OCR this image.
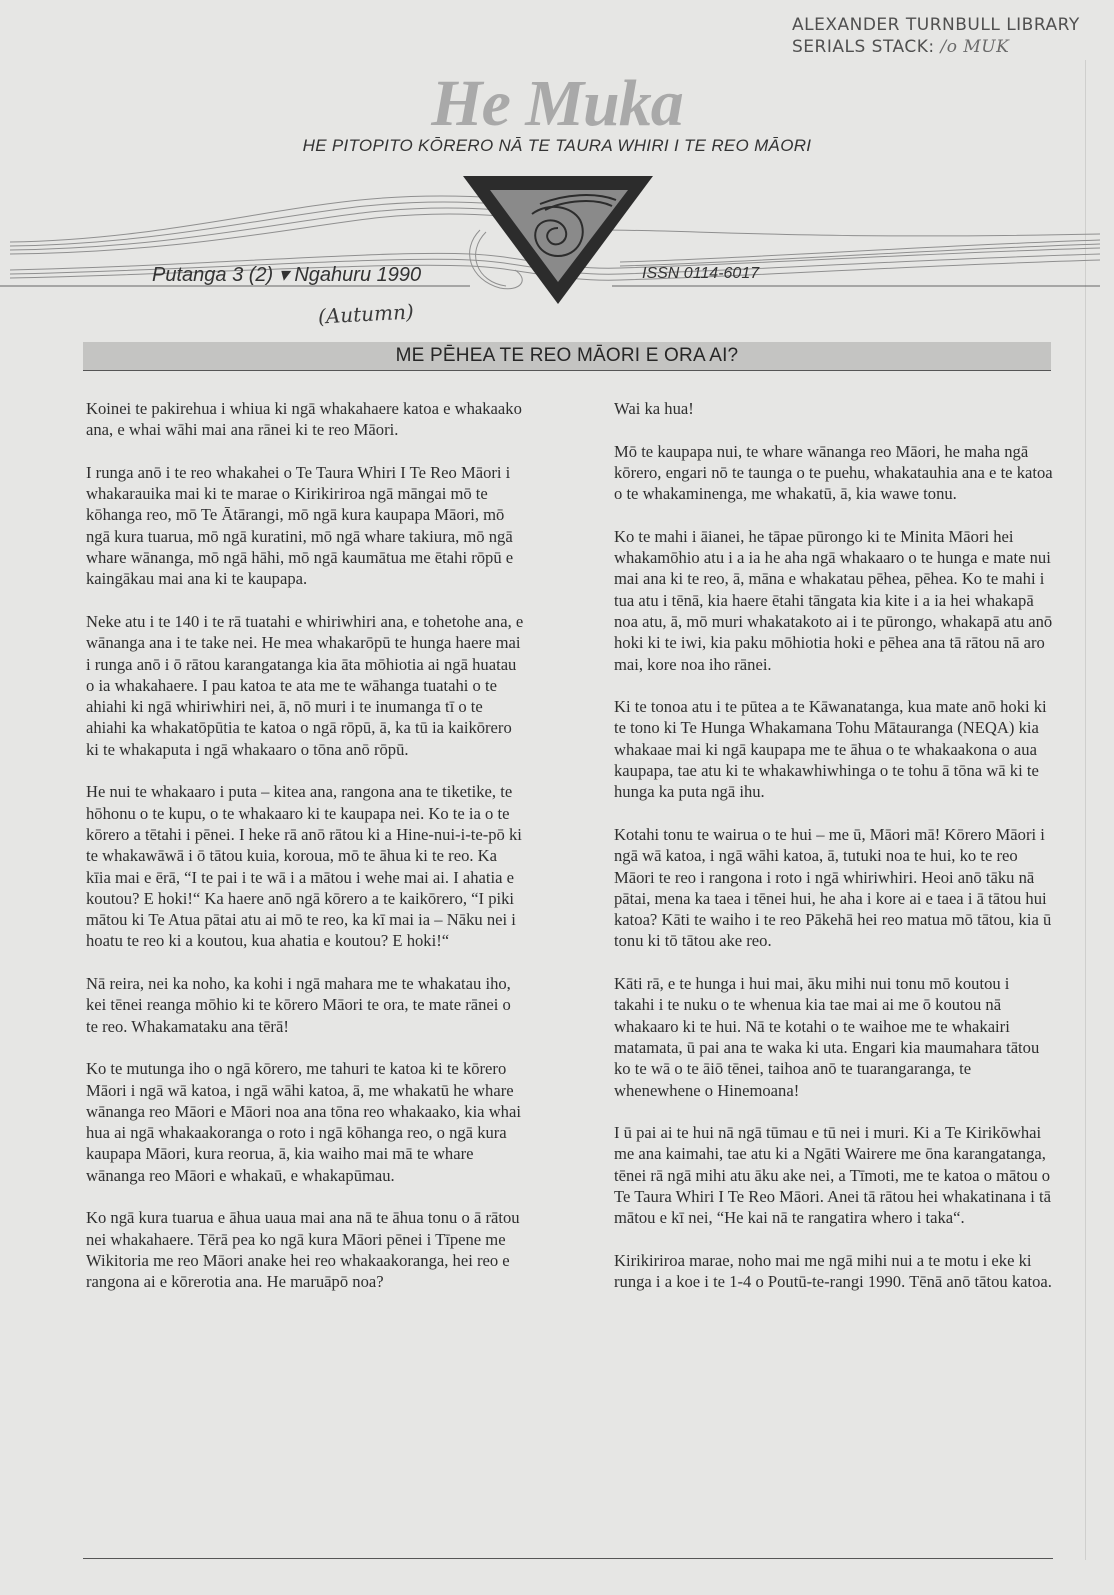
ALEXANDER TURNBULL LIBRARY
SERIALS STACK: /o MUK
He Muka
HE PITOPITO KŌRERO NĀ TE TAURA WHIRI I TE REO MĀORI
Putanga 3 (2) ▾ Ngahuru 1990	ISSN 0114-6017
(Autumn)
ME PĒHEA TE REO MĀORI E ORA AI?

Koinei te pakirehua i whiua ki ngā whakahaere katoa e whakaako ana, e whai wāhi mai ana rānei ki te reo Māori.

I runga anō i te reo whakahei o Te Taura Whiri I Te Reo Māori i whakarauika mai ki te marae o Kirikiriroa ngā māngai mō te kōhanga reo, mō Te Ātārangi, mō ngā kura kaupapa Māori, mō ngā kura tuarua, mō ngā kuratini, mō ngā whare takiura, mō ngā whare wānanga, mō ngā hāhi, mō ngā kaumātua me ētahi rōpū e kaingākau mai ana ki te kaupapa.

Neke atu i te 140 i te rā tuatahi e whiriwhiri ana, e tohetohe ana, e wānanga ana i te take nei. He mea whakarōpū te hunga haere mai i runga anō i ō rātou karangatanga kia āta mōhiotia ai ngā huatau o ia whakahaere. I pau katoa te ata me te wāhanga tuatahi o te ahiahi ki ngā whiriwhiri nei, ā, nō muri i te inumanga tī o te ahiahi ka whakatōpūtia te katoa o ngā rōpū, ā, ka tū ia kaikōrero ki te whakaputa i ngā whakaaro o tōna anō rōpū.

He nui te whakaaro i puta – kitea ana, rangona ana te tiketike, te hōhonu o te kupu, o te whakaaro ki te kaupapa nei. Ko te ia o te kōrero a tētahi i pēnei. I heke rā anō rātou ki a Hine-nui-i-te-pō ki te whakawāwā i ō tātou kuia, koroua, mō te āhua ki te reo. Ka kīia mai e ērā, “I te pai i te wā i a mātou i wehe mai ai. I ahatia e koutou? E hoki!“ Ka haere anō ngā kōrero a te kaikōrero, “I piki mātou ki Te Atua pātai atu ai mō te reo, ka kī mai ia – Nāku nei i hoatu te reo ki a koutou, kua ahatia e koutou? E hoki!“

Nā reira, nei ka noho, ka kohi i ngā mahara me te whakatau iho, kei tēnei reanga mōhio ki te kōrero Māori te ora, te mate rānei o te reo. Whakamataku ana tērā!

Ko te mutunga iho o ngā kōrero, me tahuri te katoa ki te kōrero Māori i ngā wā katoa, i ngā wāhi katoa, ā, me whakatū he whare wānanga reo Māori e Māori noa ana tōna reo whakaako, kia whai hua ai ngā whakaakoranga o roto i ngā kōhanga reo, o ngā kura kaupapa Māori, kura reorua, ā, kia waiho mai mā te whare wānanga reo Māori e whakaū, e whakapūmau.

Ko ngā kura tuarua e āhua uaua mai ana nā te āhua tonu o ā rātou nei whakahaere. Tērā pea ko ngā kura Māori pēnei i Tīpene me Wikitoria me reo Māori anake hei reo whakaakoranga, hei reo e rangona ai e kōrerotia ana. He maruāpō noa?

Wai ka hua!

Mō te kaupapa nui, te whare wānanga reo Māori, he maha ngā kōrero, engari nō te taunga o te puehu, whakatauhia ana e te katoa o te whakaminenga, me whakatū, ā, kia wawe tonu.

Ko te mahi i āianei, he tāpae pūrongo ki te Minita Māori hei whakamōhio atu i a ia he aha ngā whakaaro o te hunga e mate nui mai ana ki te reo, ā, māna e whakatau pēhea, pēhea. Ko te mahi i tua atu i tēnā, kia haere ētahi tāngata kia kite i a ia hei whakapā noa atu, ā, mō muri whakatakoto ai i te pūrongo, whakapā atu anō hoki ki te iwi, kia paku mōhiotia hoki e pēhea ana tā rātou nā aro mai, kore noa iho rānei.

Ki te tonoa atu i te pūtea a te Kāwanatanga, kua mate anō hoki ki te tono ki Te Hunga Whakamana Tohu Mātauranga (NEQA) kia whakaae mai ki ngā kaupapa me te āhua o te whakaakona o aua kaupapa, tae atu ki te whakawhiwhinga o te tohu ā tōna wā ki te hunga ka puta ngā ihu.

Kotahi tonu te wairua o te hui – me ū, Māori mā! Kōrero Māori i ngā wā katoa, i ngā wāhi katoa, ā, tutuki noa te hui, ko te reo Māori te reo i rangona i roto i ngā whiriwhiri. Heoi anō tāku nā pātai, mena ka taea i tēnei hui, he aha i kore ai e taea i ā tātou hui katoa? Kāti te waiho i te reo Pākehā hei reo matua mō tātou, kia ū tonu ki tō tātou ake reo.

Kāti rā, e te hunga i hui mai, āku mihi nui tonu mō koutou i takahi i te nuku o te whenua kia tae mai ai me ō koutou nā whakaaro ki te hui. Nā te kotahi o te waihoe me te whakairi matamata, ū pai ana te waka ki uta. Engari kia maumahara tātou ko te wā o te āiō tēnei, taihoa anō te tuarangaranga, te whenewhene o Hinemoana!

I ū pai ai te hui nā ngā tūmau e tū nei i muri. Ki a Te Kirikōwhai me ana kaimahi, tae atu ki a Ngāti Wairere me ōna karangatanga, tēnei rā ngā mihi atu āku ake nei, a Tīmoti, me te katoa o mātou o Te Taura Whiri I Te Reo Māori. Anei tā rātou hei whakatinana i tā mātou e kī nei, “He kai nā te rangatira whero i taka“.

Kirikiriroa marae, noho mai me ngā mihi nui a te motu i eke ki runga i a koe i te 1-4 o Poutū-te-rangi 1990. Tēnā anō tātou katoa.
